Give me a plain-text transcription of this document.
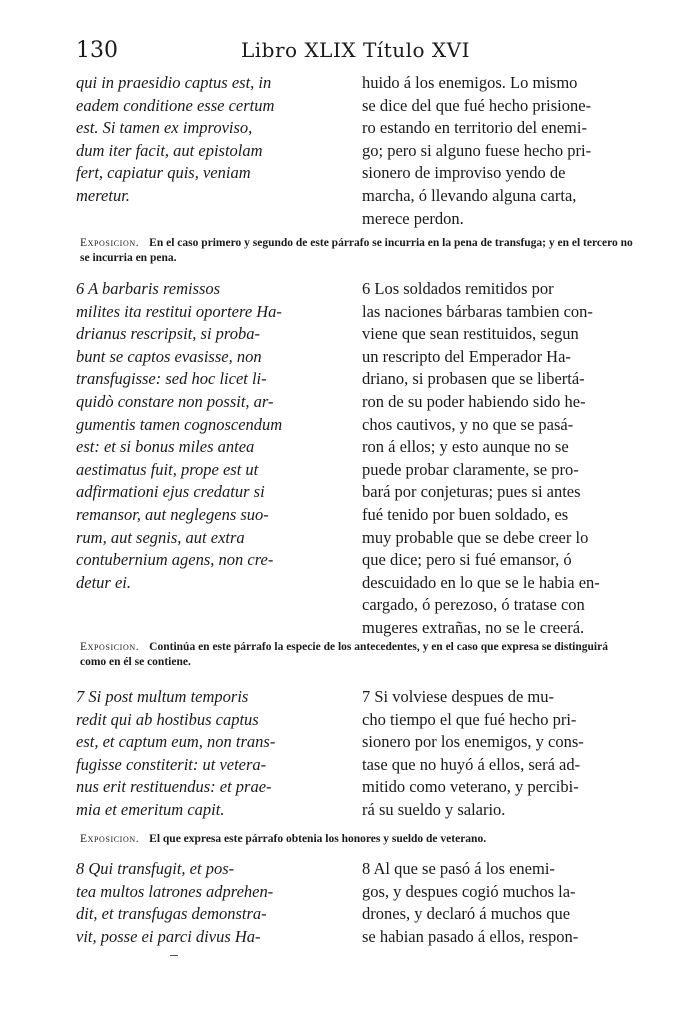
130	Libro XLIX Título XVI
qui in praesidio captus est, in
eadem conditione esse certum
est. Si tamen ex improviso,
dum iter facit, aut epistolam
fert, capiatur quis, veniam
meretur.
huido á los enemigos. Lo mismo
se dice del que fué hecho prisione-
ro estando en territorio del enemi-
go; pero si alguno fuese hecho pri-
sionero de improviso yendo de
marcha, ó llevando alguna carta,
merece perdon.
Exposicion. En el caso primero y segundo de este párrafo se incurria en la pena de transfuga; y en el tercero no se incurria en pena.
6 A barbaris remissos
milites ita restitui oportere Ha-
drianus rescripsit, si proba-
bunt se captos evasisse, non
transfugisse: sed hoc licet li-
quidò constare non possit, ar-
gumentis tamen cognoscendum
est: et si bonus miles antea
aestimatus fuit, prope est ut
adfirmationi ejus credatur si
remansor, aut neglegens suo-
rum, aut segnis, aut extra
contubernium agens, non cre-
detur ei.
6 Los soldados remitidos por
las naciones bárbaras tambien con-
viene que sean restituidos, segun
un rescripto del Emperador Ha-
driano, si probasen que se libertá-
ron de su poder habiendo sido he-
chos cautivos, y no que se pasá-
ron á ellos; y esto aunque no se
puede probar claramente, se pro-
bará por conjeturas; pues si antes
fué tenido por buen soldado, es
muy probable que se debe creer lo
que dice; pero si fué emansor, ó
descuidado en lo que se le habia en-
cargado, ó perezoso, ó tratase con
mugeres extrañas, no se le creerá.
Exposicion. Continúa en este párrafo la especie de los antecedentes, y en el caso que expresa se distinguirá como en él se contiene.
7 Si post multum temporis
redit qui ab hostibus captus
est, et captum eum, non trans-
fugisse constiterit: ut vetera-
nus erit restituendus: et prae-
mia et emeritum capit.
7 Si volviese despues de mu-
cho tiempo el que fué hecho pri-
sionero por los enemigos, y cons-
tase que no huyó á ellos, será ad-
mitido como veterano, y percibi-
rá su sueldo y salario.
Exposicion. El que expresa este párrafo obtenia los honores y sueldo de veterano.
8 Qui transfugit, et pos-
tea multos latrones adprehen-
dit, et transfugas demonstra-
vit, posse ei parci divus Ha-
8 Al que se pasó á los enemi-
gos, y despues cogió muchos la-
drones, y declaró á muchos que
se habian pasado á ellos, respon-
